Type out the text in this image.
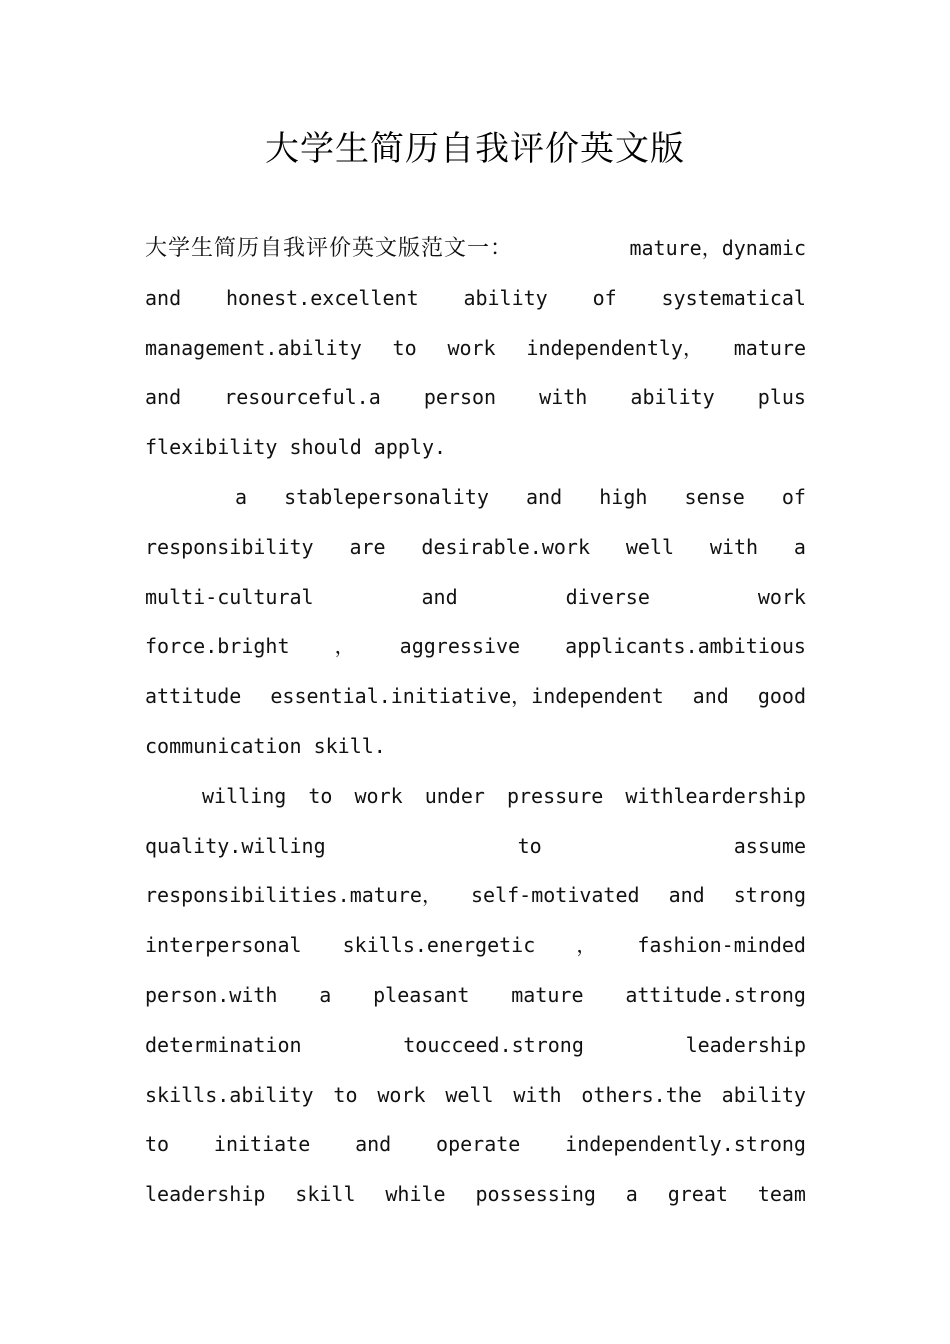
大学生简历自我评价英文版
大学生简历自我评价英文版范文一：	mature，dynamic
and honest.excellent ability of systematical
management.ability to work independently， mature
and resourceful.a person with ability plus
flexibility should apply.
a stablepersonality and high sense of
responsibility are desirable.work well with a
multi-cultural	and	diverse	work
force.bright ， aggressive applicants.ambitious
attitude essential.initiative，independent and good
communication skill.
willing to work under pressure withleardership
quality.willing	to	assume
responsibilities.mature， self-motivated and strong
interpersonal skills.energetic ， fashion-minded
person.with a pleasant mature attitude.strong
determination	toucceed.strong	leadership
skills.ability to work well with others.the ability
to initiate and operate independently.strong
leadership skill while possessing a great team
